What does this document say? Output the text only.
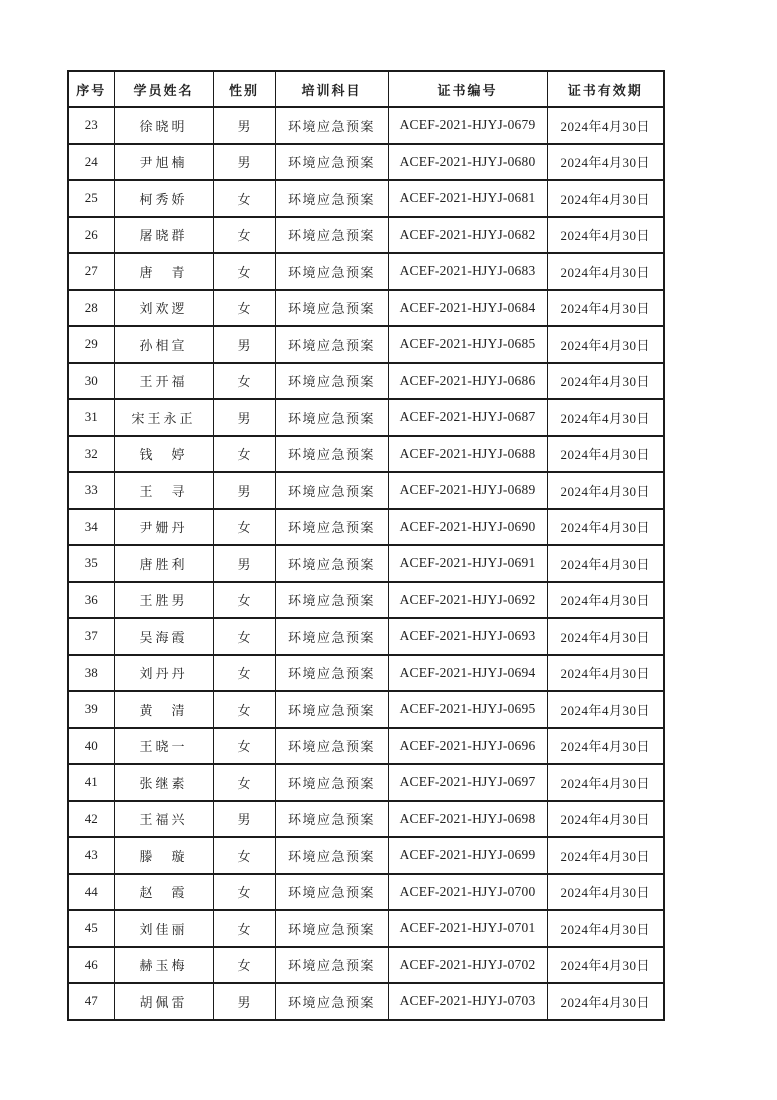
序号	学员姓名	性别	培训科目	证书编号	证书有效期
23	徐晓明	男	环境应急预案	ACEF-2021-HJYJ-0679	2024年4月30日
24	尹旭楠	男	环境应急预案	ACEF-2021-HJYJ-0680	2024年4月30日
25	柯秀娇	女	环境应急预案	ACEF-2021-HJYJ-0681	2024年4月30日
26	屠晓群	女	环境应急预案	ACEF-2021-HJYJ-0682	2024年4月30日
27	唐　青	女	环境应急预案	ACEF-2021-HJYJ-0683	2024年4月30日
28	刘欢逻	女	环境应急预案	ACEF-2021-HJYJ-0684	2024年4月30日
29	孙相宣	男	环境应急预案	ACEF-2021-HJYJ-0685	2024年4月30日
30	王开福	女	环境应急预案	ACEF-2021-HJYJ-0686	2024年4月30日
31	宋王永正	男	环境应急预案	ACEF-2021-HJYJ-0687	2024年4月30日
32	钱　婷	女	环境应急预案	ACEF-2021-HJYJ-0688	2024年4月30日
33	王　寻	男	环境应急预案	ACEF-2021-HJYJ-0689	2024年4月30日
34	尹姗丹	女	环境应急预案	ACEF-2021-HJYJ-0690	2024年4月30日
35	唐胜利	男	环境应急预案	ACEF-2021-HJYJ-0691	2024年4月30日
36	王胜男	女	环境应急预案	ACEF-2021-HJYJ-0692	2024年4月30日
37	吴海霞	女	环境应急预案	ACEF-2021-HJYJ-0693	2024年4月30日
38	刘丹丹	女	环境应急预案	ACEF-2021-HJYJ-0694	2024年4月30日
39	黄　清	女	环境应急预案	ACEF-2021-HJYJ-0695	2024年4月30日
40	王晓一	女	环境应急预案	ACEF-2021-HJYJ-0696	2024年4月30日
41	张继素	女	环境应急预案	ACEF-2021-HJYJ-0697	2024年4月30日
42	王福兴	男	环境应急预案	ACEF-2021-HJYJ-0698	2024年4月30日
43	滕　璇	女	环境应急预案	ACEF-2021-HJYJ-0699	2024年4月30日
44	赵　霞	女	环境应急预案	ACEF-2021-HJYJ-0700	2024年4月30日
45	刘佳丽	女	环境应急预案	ACEF-2021-HJYJ-0701	2024年4月30日
46	赫玉梅	女	环境应急预案	ACEF-2021-HJYJ-0702	2024年4月30日
47	胡佩雷	男	环境应急预案	ACEF-2021-HJYJ-0703	2024年4月30日
